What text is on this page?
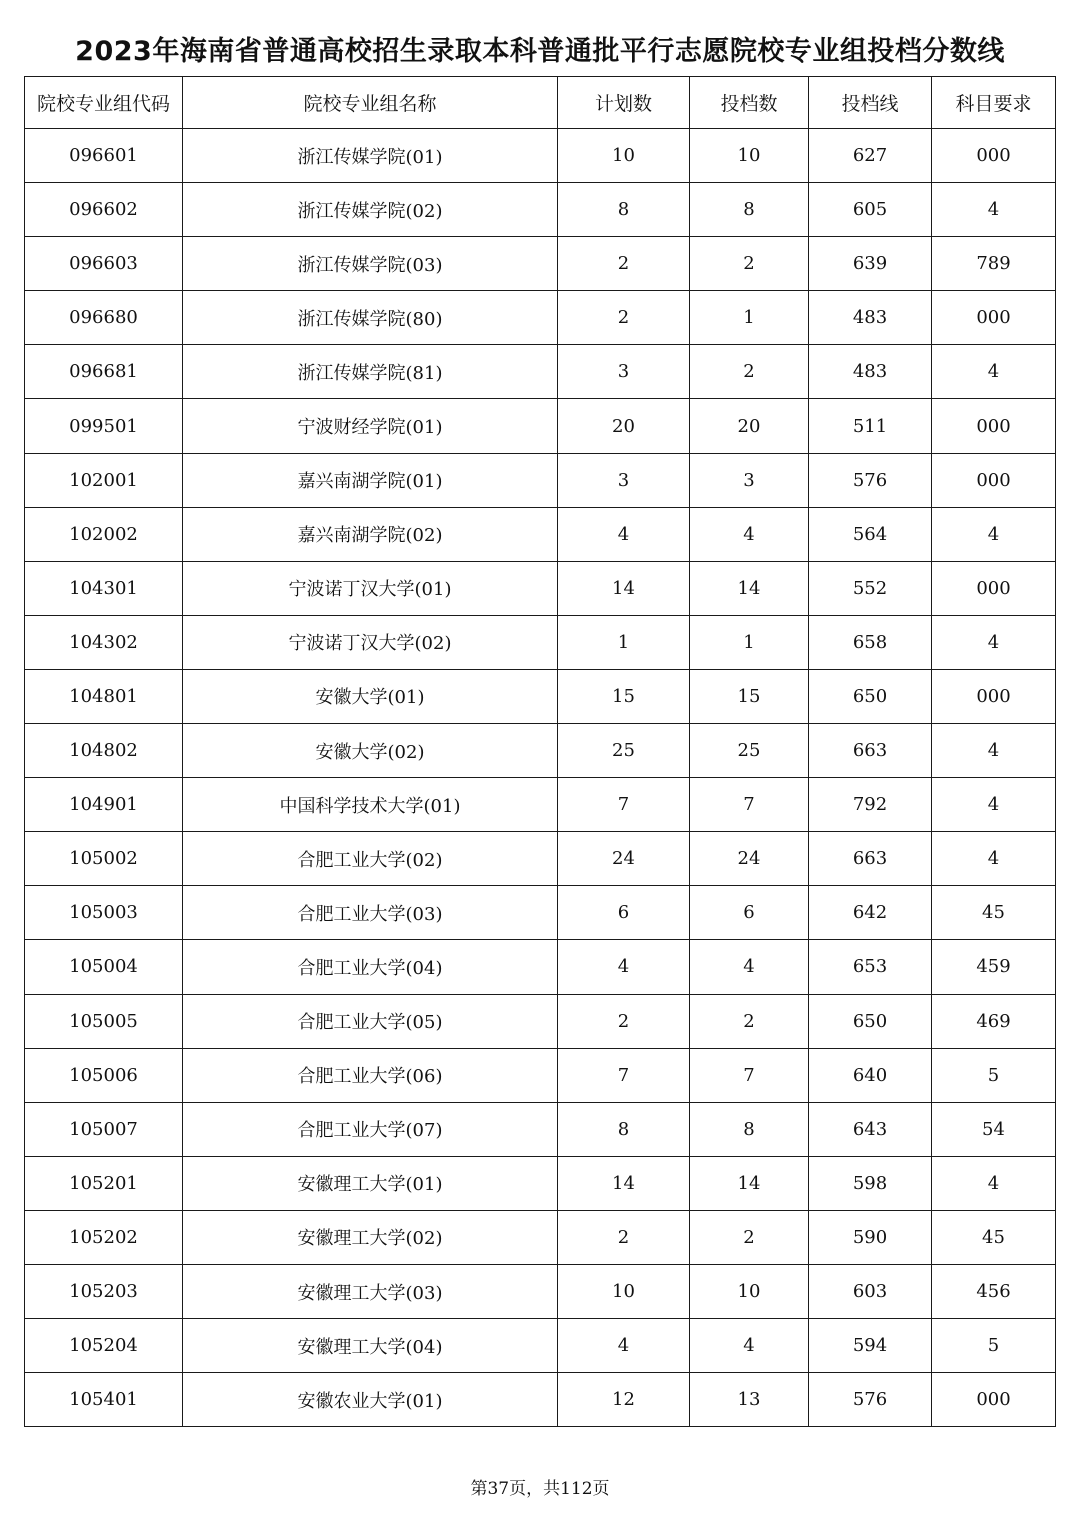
2023年海南省普通高校招生录取本科普通批平行志愿院校专业组投档分数线
院校专业组代码	院校专业组名称	计划数	投档数	投档线	科目要求
096601	浙江传媒学院(01)	10	10	627	000
096602	浙江传媒学院(02)	8	8	605	4
096603	浙江传媒学院(03)	2	2	639	789
096680	浙江传媒学院(80)	2	1	483	000
096681	浙江传媒学院(81)	3	2	483	4
099501	宁波财经学院(01)	20	20	511	000
102001	嘉兴南湖学院(01)	3	3	576	000
102002	嘉兴南湖学院(02)	4	4	564	4
104301	宁波诺丁汉大学(01)	14	14	552	000
104302	宁波诺丁汉大学(02)	1	1	658	4
104801	安徽大学(01)	15	15	650	000
104802	安徽大学(02)	25	25	663	4
104901	中国科学技术大学(01)	7	7	792	4
105002	合肥工业大学(02)	24	24	663	4
105003	合肥工业大学(03)	6	6	642	45
105004	合肥工业大学(04)	4	4	653	459
105005	合肥工业大学(05)	2	2	650	469
105006	合肥工业大学(06)	7	7	640	5
105007	合肥工业大学(07)	8	8	643	54
105201	安徽理工大学(01)	14	14	598	4
105202	安徽理工大学(02)	2	2	590	45
105203	安徽理工大学(03)	10	10	603	456
105204	安徽理工大学(04)	4	4	594	5
105401	安徽农业大学(01)	12	13	576	000
第37页，共112页
